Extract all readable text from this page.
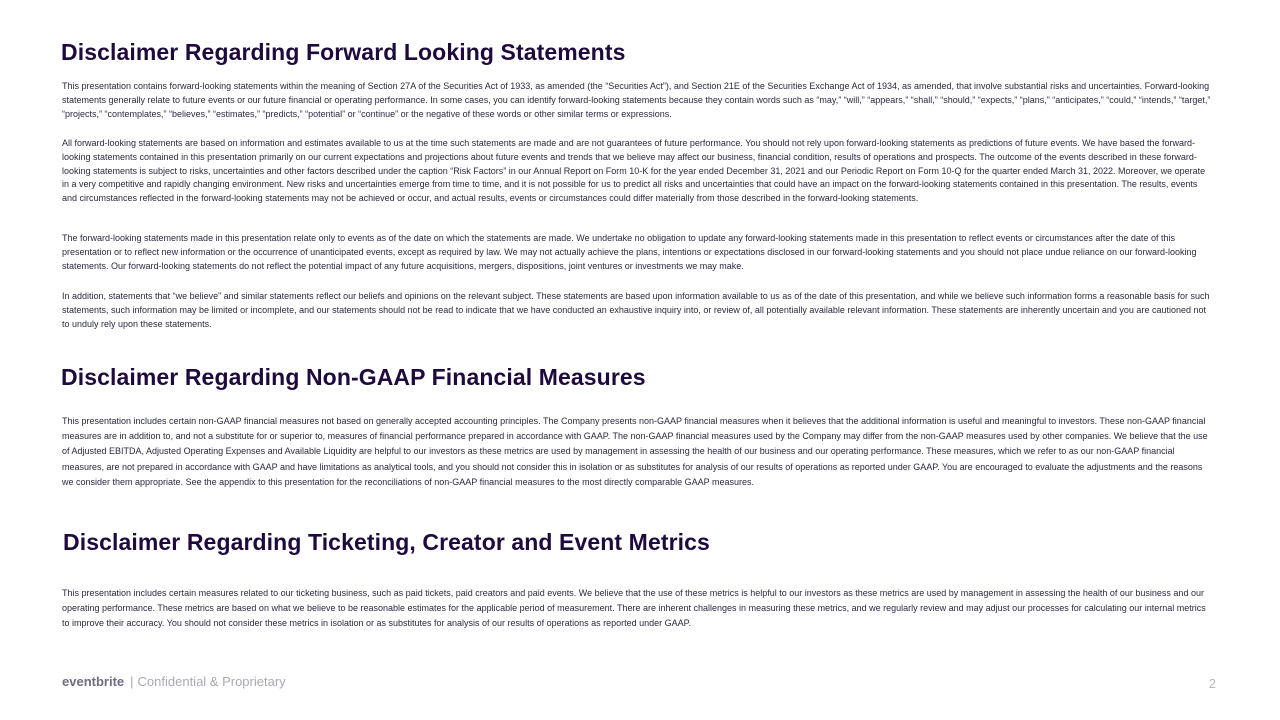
Disclaimer Regarding Forward Looking Statements

This presentation contains forward-looking statements within the meaning of Section 27A of the Securities Act of 1933, as amended (the “Securities Act”), and Section 21E of the Securities Exchange Act of 1934, as amended, that involve substantial risks and uncertainties. Forward-looking statements generally relate to future events or our future financial or operating performance. In some cases, you can identify forward-looking statements because they contain words such as “may,” “will,” “appears,” “shall,” “should,” “expects,” “plans,” “anticipates,” “could,” “intends,” “target,” “projects,” “contemplates,” “believes,” “estimates,” “predicts,” “potential” or “continue” or the negative of these words or other similar terms or expressions.

All forward-looking statements are based on information and estimates available to us at the time such statements are made and are not guarantees of future performance. You should not rely upon forward-looking statements as predictions of future events. We have based the forward-looking statements contained in this presentation primarily on our current expectations and projections about future events and trends that we believe may affect our business, financial condition, results of operations and prospects. The outcome of the events described in these forward-looking statements is subject to risks, uncertainties and other factors described under the caption “Risk Factors” in our Annual Report on Form 10-K for the year ended December 31, 2021 and our Periodic Report on Form 10-Q for the quarter ended March 31, 2022. Moreover, we operate in a very competitive and rapidly changing environment. New risks and uncertainties emerge from time to time, and it is not possible for us to predict all risks and uncertainties that could have an impact on the forward-looking statements contained in this presentation. The results, events and circumstances reflected in the forward-looking statements may not be achieved or occur, and actual results, events or circumstances could differ materially from those described in the forward-looking statements.

The forward-looking statements made in this presentation relate only to events as of the date on which the statements are made. We undertake no obligation to update any forward-looking statements made in this presentation to reflect events or circumstances after the date of this presentation or to reflect new information or the occurrence of unanticipated events, except as required by law. We may not actually achieve the plans, intentions or expectations disclosed in our forward-looking statements and you should not place undue reliance on our forward-looking statements. Our forward-looking statements do not reflect the potential impact of any future acquisitions, mergers, dispositions, joint ventures or investments we may make.

In addition, statements that “we believe” and similar statements reflect our beliefs and opinions on the relevant subject. These statements are based upon information available to us as of the date of this presentation, and while we believe such information forms a reasonable basis for such statements, such information may be limited or incomplete, and our statements should not be read to indicate that we have conducted an exhaustive inquiry into, or review of, all potentially available relevant information. These statements are inherently uncertain and you are cautioned not to unduly rely upon these statements.

Disclaimer Regarding Non-GAAP Financial Measures

This presentation includes certain non-GAAP financial measures not based on generally accepted accounting principles. The Company presents non-GAAP financial measures when it believes that the additional information is useful and meaningful to investors. These non-GAAP financial measures are in addition to, and not a substitute for or superior to, measures of financial performance prepared in accordance with GAAP. The non-GAAP financial measures used by the Company may differ from the non-GAAP measures used by other companies. We believe that the use of Adjusted EBITDA, Adjusted Operating Expenses and Available Liquidity are helpful to our investors as these metrics are used by management in assessing the health of our business and our operating performance. These measures, which we refer to as our non-GAAP financial measures, are not prepared in accordance with GAAP and have limitations as analytical tools, and you should not consider this in isolation or as substitutes for analysis of our results of operations as reported under GAAP. You are encouraged to evaluate the adjustments and the reasons we consider them appropriate. See the appendix to this presentation for the reconciliations of non-GAAP financial measures to the most directly comparable GAAP measures.

Disclaimer Regarding Ticketing, Creator and Event Metrics

This presentation includes certain measures related to our ticketing business, such as paid tickets, paid creators and paid events. We believe that the use of these metrics is helpful to our investors as these metrics are used by management in assessing the health of our business and our operating performance. These metrics are based on what we believe to be reasonable estimates for the applicable period of measurement. There are inherent challenges in measuring these metrics, and we regularly review and may adjust our processes for calculating our internal metrics to improve their accuracy. You should not consider these metrics in isolation or as substitutes for analysis of our results of operations as reported under GAAP.

eventbrite | Confidential & Proprietary	2
